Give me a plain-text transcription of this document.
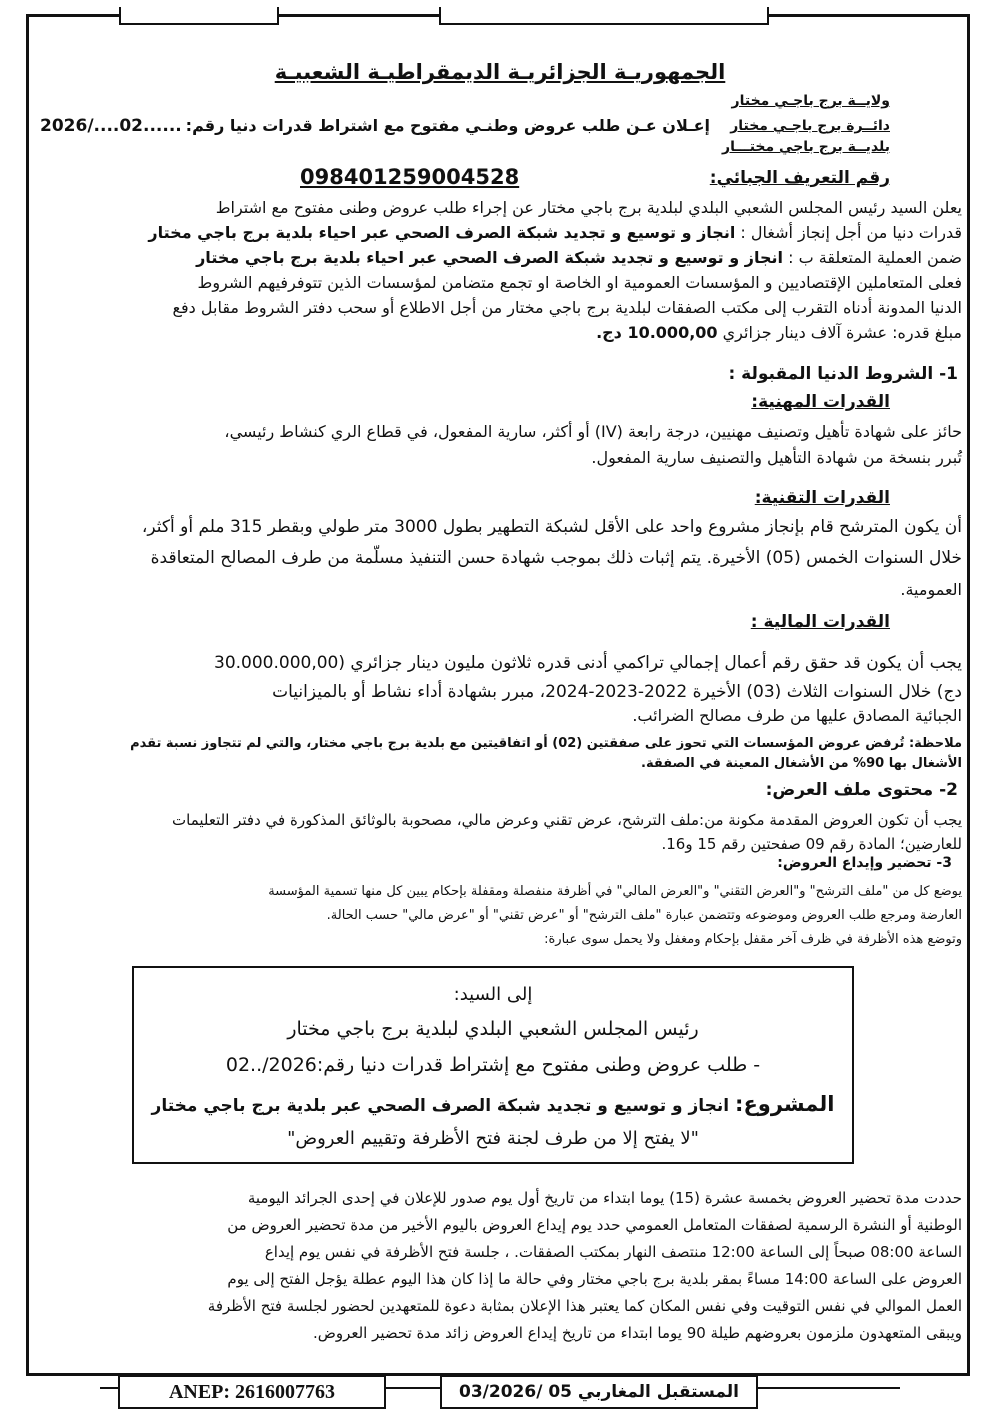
الجمهوريـة الجزائريـة الديمقراطيـة الشعبيـة
ولايــة برج باجـي مختار
دائــرة برج باجـي مختار
بلديــة برج باجي مختـــار
إعـلان عـن طلب عروض وطنـي مفتوح مع اشتراط قدرات دنيا رقم:
2026/....02......
رقم التعريف الجبائي:
098401259004528
يعلن السيد رئيس المجلس الشعبي البلدي لبلدية برج باجي مختار عن إجراء طلب عروض وطنى مفتوح مع اشتراط
قدرات دنيا من أجل إنجاز أشغال : انجاز و توسيع و تجديد شبكة الصرف الصحي عبر احياء بلدية برج باجي مختار
ضمن العملية المتعلقة ب : انجاز و توسيع و تجديد شبكة الصرف الصحي عبر احياء بلدية برج باجي مختار
فعلى المتعاملين الإقتصاديين و المؤسسات العمومية او الخاصة او تجمع متضامن لمؤسسات الذين تتوفرفيهم الشروط
الدنيا المدونة أدناه التقرب إلى مكتب الصفقات لبلدية برج باجي مختار من أجل الاطلاع أو سحب دفتر الشروط مقابل دفع
مبلغ قدره: عشرة آلاف دينار جزائري 10.000,00 دج.
1- الشروط الدنيا المقبولة :
القدرات المهنية:
حائز على شهادة تأهيل وتصنيف مهنيين، درجة رابعة (IV) أو أكثر، سارية المفعول، في قطاع الري كنشاط رئيسي،
تُبرر بنسخة من شهادة التأهيل والتصنيف سارية المفعول.
القدرات التقنية:
أن يكون المترشح قام بإنجاز مشروع واحد على الأقل لشبكة التطهير بطول 3000 متر طولي وبقطر 315 ملم أو أكثر،
خلال السنوات الخمس (05) الأخيرة. يتم إثبات ذلك بموجب شهادة حسن التنفيذ مسلّمة من طرف المصالح المتعاقدة
العمومية.
القدرات المالية :
يجب أن يكون قد حقق رقم أعمال إجمالي تراكمي أدنى قدره ثلاثون مليون دينار جزائري (30.000.000,00
دج) خلال السنوات الثلاث (03) الأخيرة 2022-2023-2024، مبرر بشهادة أداء نشاط أو بالميزانيات
الجبائية المصادق عليها من طرف مصالح الضرائب.
ملاحظة: تُرفض عروض المؤسسات التي تحوز على صفقتين (02) أو اتفاقيتين مع بلدية برج باجي مختار، والتي لم تتجاوز نسبة تقدم
الأشغال بها 90% من الأشغال المعينة في الصفقة.
2- محتوى ملف العرض:
يجب أن تكون العروض المقدمة مكونة من:ملف الترشح، عرض تقني وعرض مالي، مصحوبة بالوثائق المذكورة في دفتر التعليمات
للعارضين؛ المادة رقم 09 صفحتين رقم 15 و16.
3- تحضير وإيداع العروض:
يوضع كل من "ملف الترشح" و"العرض التقني" و"العرض المالي" في أظرفة منفصلة ومقفلة بإحكام يبين كل منها تسمية المؤسسة
العارضة ومرجع طلب العروض وموضوعه وتتضمن عبارة "ملف الترشح" أو "عرض تقني" أو "عرض مالي" حسب الحالة.
وتوضع هذه الأظرفة في ظرف آخر مقفل بإحكام ومغفل ولا يحمل سوى عبارة:
إلى السيد:
رئيس المجلس الشعبي البلدي لبلدية برج باجي مختار
- طلب عروض وطنى مفتوح مع إشتراط قدرات دنيا رقم:2026/..02
المشروع: انجاز و توسيع و تجديد شبكة الصرف الصحي عبر بلدية برج باجي مختار
"لا يفتح إلا من طرف لجنة فتح الأظرفة وتقييم العروض"
حددت مدة تحضير العروض بخمسة عشرة (15) يوما ابتداء من تاريخ أول يوم صدور للإعلان في إحدى الجرائد اليومية
الوطنية أو النشرة الرسمية لصفقات المتعامل العمومي حدد يوم إيداع العروض باليوم الأخير من مدة تحضير العروض من
الساعة 08:00 صبحاً إلى الساعة 12:00 منتصف النهار بمكتب الصفقات. ، جلسة فتح الأظرفة في نفس يوم إيداع
العروض على الساعة 14:00 مساءً بمقر بلدية برج باجي مختار وفي حالة ما إذا كان هذا اليوم عطلة يؤجل الفتح إلى يوم
العمل الموالي في نفس التوقيت وفي نفس المكان كما يعتبر هذا الإعلان بمثابة دعوة للمتعهدين لحضور لجلسة فتح الأظرفة
ويبقى المتعهدون ملزمون بعروضهم طيلة 90 يوما ابتداء من تاريخ إيداع العروض زائد مدة تحضير العروض.
ANEP: 2616007763	المستقبل المغاربي 05 /03/2026
